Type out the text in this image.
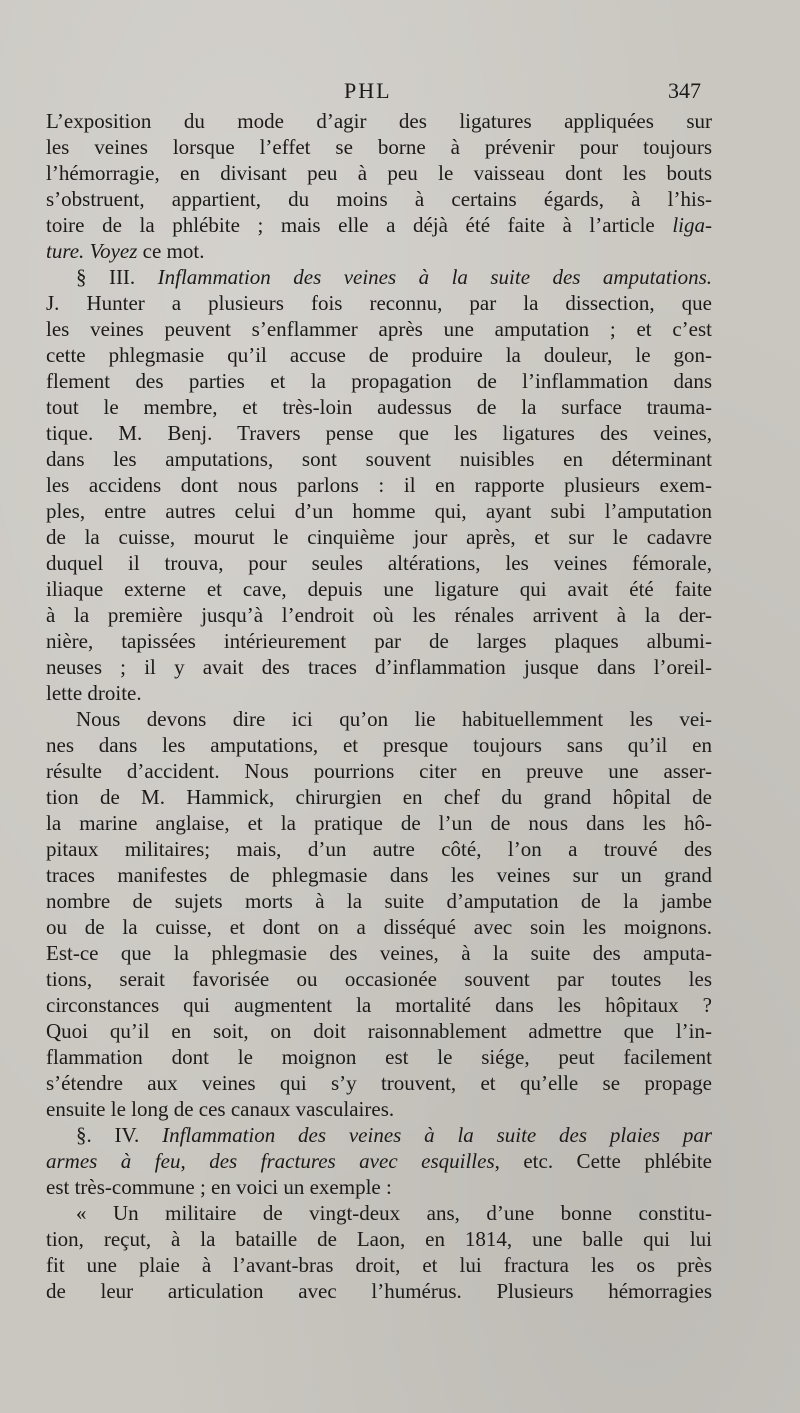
PHL	347
L’exposition du mode d’agir des ligatures appliquées sur
les veines lorsque l’effet se borne à prévenir pour toujours
l’hémorragie, en divisant peu à peu le vaisseau dont les bouts
s’obstruent, appartient, du moins à certains égards, à l’his-
toire de la phlébite ; mais elle a déjà été faite à l’article liga-
ture. Voyez ce mot.
§ III. Inflammation des veines à la suite des amputations.
J. Hunter a plusieurs fois reconnu, par la dissection, que
les veines peuvent s’enflammer après une amputation ; et c’est
cette phlegmasie qu’il accuse de produire la douleur, le gon-
flement des parties et la propagation de l’inflammation dans
tout le membre, et très-loin audessus de la surface trauma-
tique. M. Benj. Travers pense que les ligatures des veines,
dans les amputations, sont souvent nuisibles en déterminant
les accidens dont nous parlons : il en rapporte plusieurs exem-
ples, entre autres celui d’un homme qui, ayant subi l’amputation
de la cuisse, mourut le cinquième jour après, et sur le cadavre
duquel il trouva, pour seules altérations, les veines fémorale,
iliaque externe et cave, depuis une ligature qui avait été faite
à la première jusqu’à l’endroit où les rénales arrivent à la der-
nière, tapissées intérieurement par de larges plaques albumi-
neuses ; il y avait des traces d’inflammation jusque dans l’oreil-
lette droite.
Nous devons dire ici qu’on lie habituellemment les vei-
nes dans les amputations, et presque toujours sans qu’il en
résulte d’accident. Nous pourrions citer en preuve une asser-
tion de M. Hammick, chirurgien en chef du grand hôpital de
la marine anglaise, et la pratique de l’un de nous dans les hô-
pitaux militaires; mais, d’un autre côté, l’on a trouvé des
traces manifestes de phlegmasie dans les veines sur un grand
nombre de sujets morts à la suite d’amputation de la jambe
ou de la cuisse, et dont on a disséqué avec soin les moignons.
Est-ce que la phlegmasie des veines, à la suite des amputa-
tions, serait favorisée ou occasionée souvent par toutes les
circonstances qui augmentent la mortalité dans les hôpitaux ?
Quoi qu’il en soit, on doit raisonnablement admettre que l’in-
flammation dont le moignon est le siége, peut facilement
s’étendre aux veines qui s’y trouvent, et qu’elle se propage
ensuite le long de ces canaux vasculaires.
§. IV. Inflammation des veines à la suite des plaies par
armes à feu, des fractures avec esquilles, etc. Cette phlébite
est très-commune ; en voici un exemple :
« Un militaire de vingt-deux ans, d’une bonne constitu-
tion, reçut, à la bataille de Laon, en 1814, une balle qui lui
fit une plaie à l’avant-bras droit, et lui fractura les os près
de leur articulation avec l’humérus. Plusieurs hémorragies
